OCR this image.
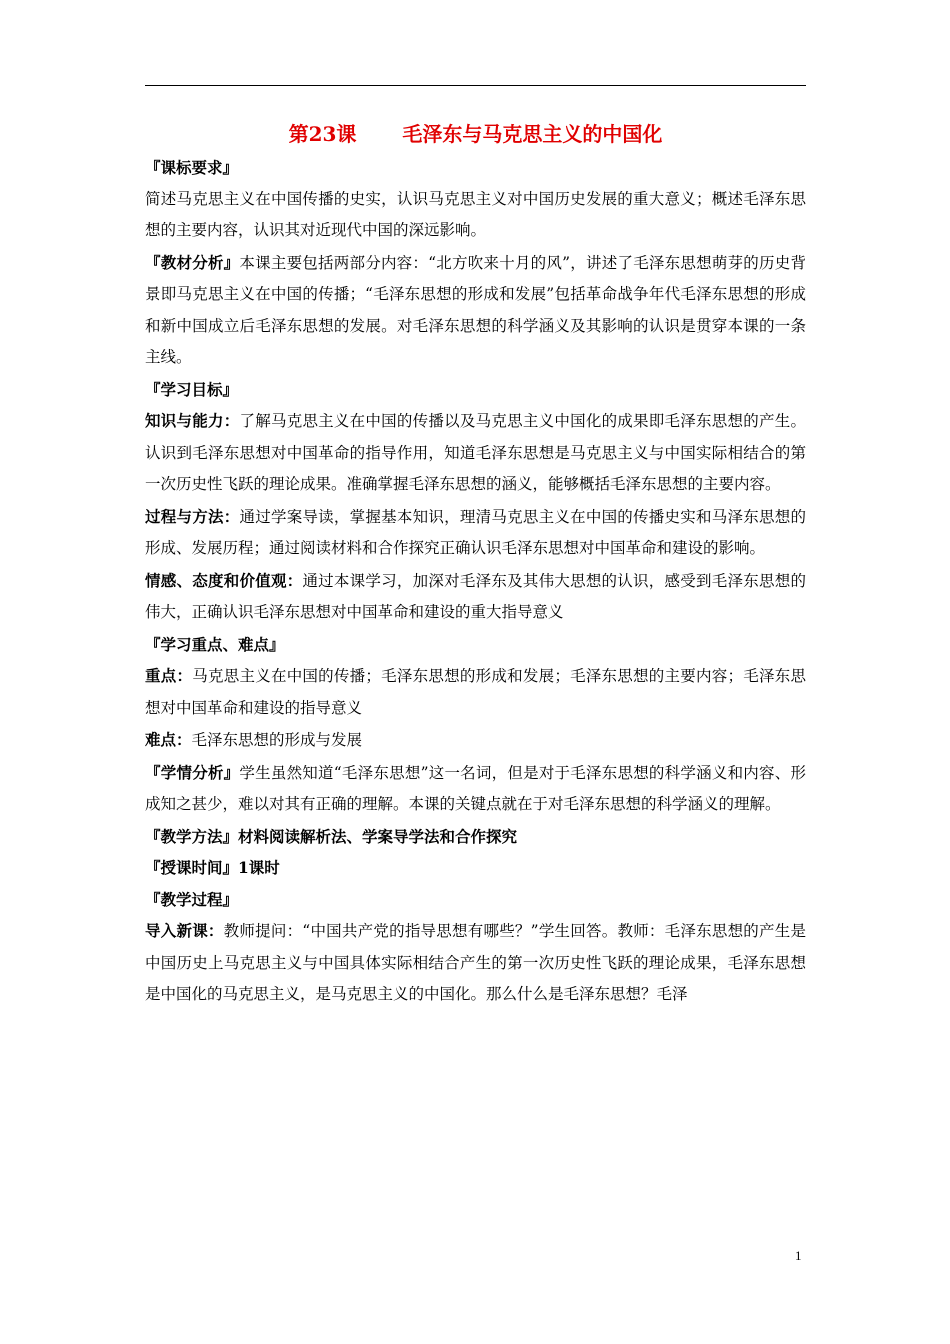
第23课 毛泽东与马克思主义的中国化

『课标要求』

简述马克思主义在中国传播的史实，认识马克思主义对中国历史发展的重大意义；概述毛泽东思想的主要内容，认识其对近现代中国的深远影响。

『教材分析』本课主要包括两部分内容：“北方吹来十月的风”，讲述了毛泽东思想萌芽的历史背景即马克思主义在中国的传播；“毛泽东思想的形成和发展”包括革命战争年代毛泽东思想的形成和新中国成立后毛泽东思想的发展。对毛泽东思想的科学涵义及其影响的认识是贯穿本课的一条主线。

『学习目标』

知识与能力：了解马克思主义在中国的传播以及马克思主义中国化的成果即毛泽东思想的产生。认识到毛泽东思想对中国革命的指导作用，知道毛泽东思想是马克思主义与中国实际相结合的第一次历史性飞跃的理论成果。准确掌握毛泽东思想的涵义，能够概括毛泽东思想的主要内容。

过程与方法：通过学案导读，掌握基本知识，理清马克思主义在中国的传播史实和马泽东思想的形成、发展历程；通过阅读材料和合作探究正确认识毛泽东思想对中国革命和建设的影响。

情感、态度和价值观：通过本课学习，加深对毛泽东及其伟大思想的认识，感受到毛泽东思想的伟大，正确认识毛泽东思想对中国革命和建设的重大指导意义

『学习重点、难点』

重点：马克思主义在中国的传播；毛泽东思想的形成和发展；毛泽东思想的主要内容；毛泽东思想对中国革命和建设的指导意义

难点：毛泽东思想的形成与发展

『学情分析』学生虽然知道“毛泽东思想”这一名词，但是对于毛泽东思想的科学涵义和内容、形成知之甚少，难以对其有正确的理解。本课的关键点就在于对毛泽东思想的科学涵义的理解。

『教学方法』材料阅读解析法、学案导学法和合作探究

『授课时间』1课时

『教学过程』

导入新课：教师提问：“中国共产党的指导思想有哪些？”学生回答。教师：毛泽东思想的产生是中国历史上马克思主义与中国具体实际相结合产生的第一次历史性飞跃的理论成果，毛泽东思想是中国化的马克思主义，是马克思主义的中国化。那么什么是毛泽东思想？毛泽

1
